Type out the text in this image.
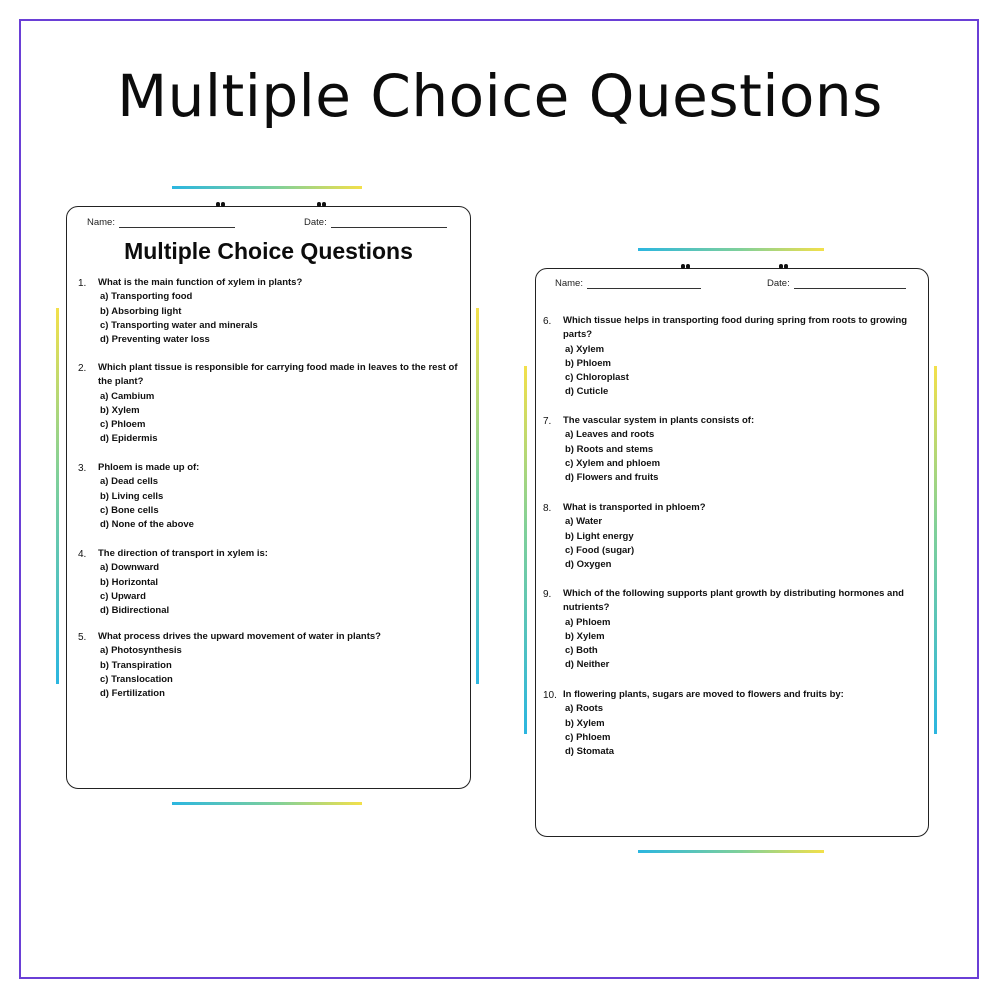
Multiple Choice Questions
Name:	Date:
Multiple Choice Questions
1. What is the main function of xylem in plants?
a) Transporting food
b) Absorbing light
c) Transporting water and minerals
d) Preventing water loss
2. Which plant tissue is responsible for carrying food made in leaves to the rest of the plant?
a) Cambium
b) Xylem
c) Phloem
d) Epidermis
3. Phloem is made up of:
a) Dead cells
b) Living cells
c) Bone cells
d) None of the above
4. The direction of transport in xylem is:
a) Downward
b) Horizontal
c) Upward
d) Bidirectional
5. What process drives the upward movement of water in plants?
a) Photosynthesis
b) Transpiration
c) Translocation
d) Fertilization
Name:	Date:
6. Which tissue helps in transporting food during spring from roots to growing parts?
a) Xylem
b) Phloem
c) Chloroplast
d) Cuticle
7. The vascular system in plants consists of:
a) Leaves and roots
b) Roots and stems
c) Xylem and phloem
d) Flowers and fruits
8. What is transported in phloem?
a) Water
b) Light energy
c) Food (sugar)
d) Oxygen
9. Which of the following supports plant growth by distributing hormones and nutrients?
a) Phloem
b) Xylem
c) Both
d) Neither
10. In flowering plants, sugars are moved to flowers and fruits by:
a) Roots
b) Xylem
c) Phloem
d) Stomata
